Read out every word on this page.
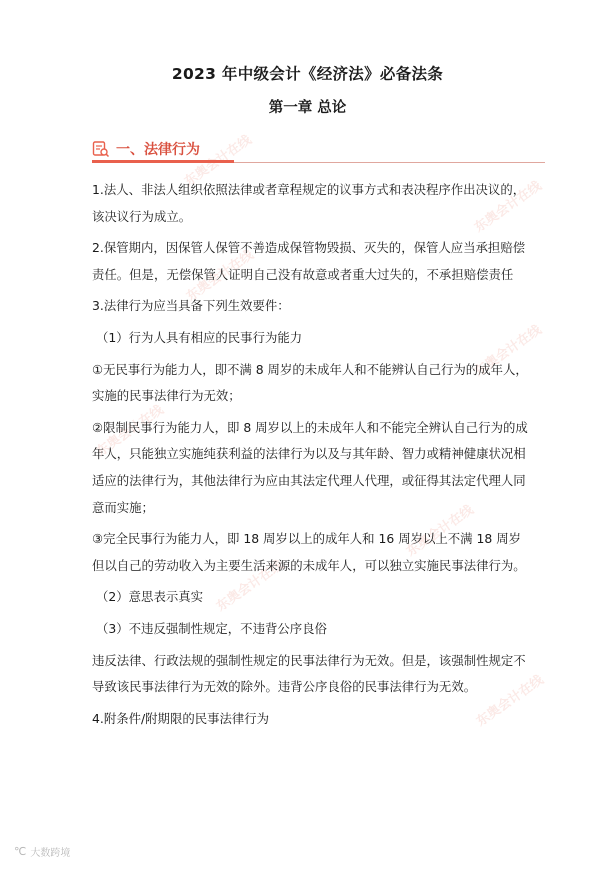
东奥会计在线
东奥会计在线
东奥会计在线
东奥会计在线
东奥会计在线
东奥会计在线
东奥会计在线
东奥会计在线
2023 年中级会计《经济法》必备法条
第一章 总论
一、法律行为

1.法人、非法人组织依照法律或者章程规定的议事方式和表决程序作出决议的，该决议行为成立。

2.保管期内，因保管人保管不善造成保管物毁损、灭失的，保管人应当承担赔偿责任。但是，无偿保管人证明自己没有故意或者重大过失的，不承担赔偿责任

3.法律行为应当具备下列生效要件：

（1）行为人具有相应的民事行为能力

①无民事行为能力人，即不满 8 周岁的未成年人和不能辨认自己行为的成年人，实施的民事法律行为无效；

②限制民事行为能力人，即 8 周岁以上的未成年人和不能完全辨认自己行为的成年人，只能独立实施纯获利益的法律行为以及与其年龄、智力或精神健康状况相适应的法律行为，其他法律行为应由其法定代理人代理，或征得其法定代理人同意而实施；

③完全民事行为能力人，即 18 周岁以上的成年人和 16 周岁以上不满 18 周岁但以自己的劳动收入为主要生活来源的未成年人，可以独立实施民事法律行为。

（2）意思表示真实

（3）不违反强制性规定，不违背公序良俗

违反法律、行政法规的强制性规定的民事法律行为无效。但是，该强制性规定不导致该民事法律行为无效的除外。违背公序良俗的民事法律行为无效。

4.附条件/附期限的民事法律行为

℃ 大数跨境
